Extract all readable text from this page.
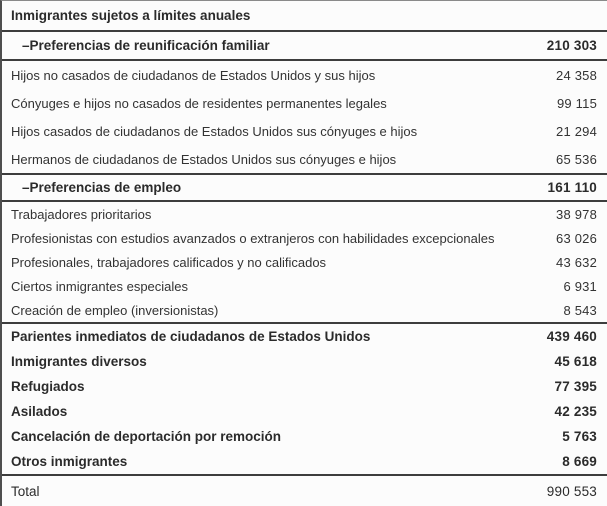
Inmigrantes sujetos a límites anuales
–Preferencias de reunificación familiar	210 303
Hijos no casados de ciudadanos de Estados Unidos y sus hijos	24 358
Cónyuges e hijos no casados de residentes permanentes legales	99 115
Hijos casados de ciudadanos de Estados Unidos sus cónyuges e hijos	21 294
Hermanos de ciudadanos de Estados Unidos sus cónyuges e hijos	65 536
–Preferencias de empleo	161 110
Trabajadores prioritarios	38 978
Profesionistas con estudios avanzados o extranjeros con habilidades excepcionales	63 026
Profesionales, trabajadores calificados y no calificados	43 632
Ciertos inmigrantes especiales	6 931
Creación de empleo (inversionistas)	8 543
Parientes inmediatos de ciudadanos de Estados Unidos	439 460
Inmigrantes diversos	45 618
Refugiados	77 395
Asilados	42 235
Cancelación de deportación por remoción	5 763
Otros inmigrantes	8 669
Total	990 553
